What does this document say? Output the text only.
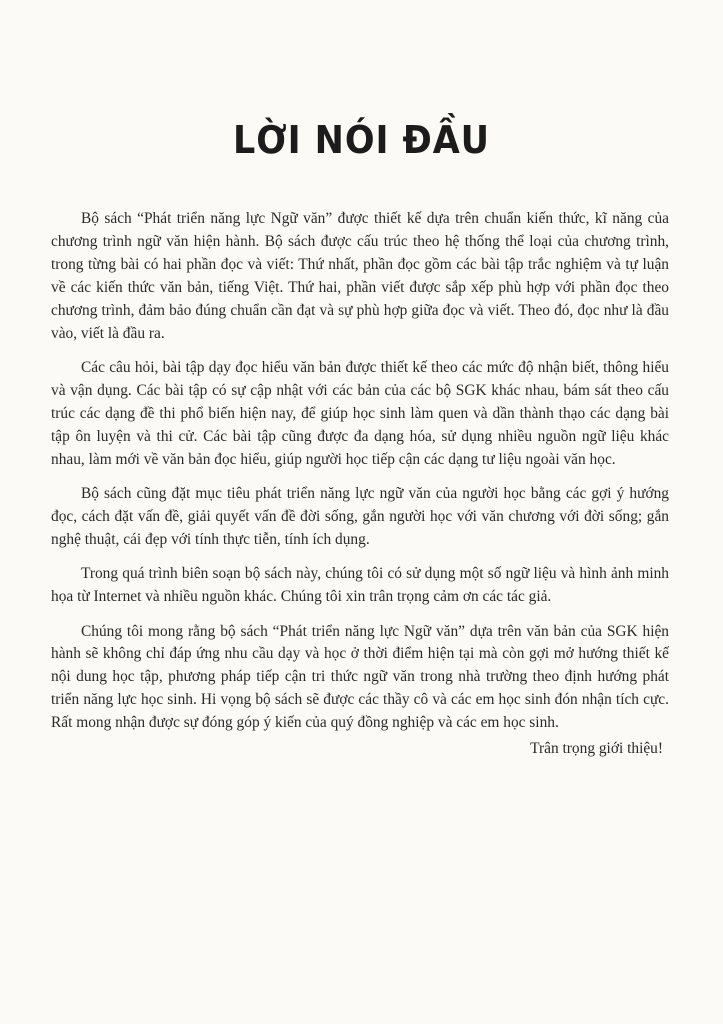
LỜI NÓI ĐẦU

Bộ sách “Phát triển năng lực Ngữ văn” được thiết kế dựa trên chuẩn kiến thức, kĩ năng của chương trình ngữ văn hiện hành. Bộ sách được cấu trúc theo hệ thống thể loại của chương trình, trong từng bài có hai phần đọc và viết: Thứ nhất, phần đọc gồm các bài tập trắc nghiệm và tự luận về các kiến thức văn bản, tiếng Việt. Thứ hai, phần viết được sắp xếp phù hợp với phần đọc theo chương trình, đảm bảo đúng chuẩn cần đạt và sự phù hợp giữa đọc và viết. Theo đó, đọc như là đầu vào, viết là đầu ra.

Các câu hỏi, bài tập dạy đọc hiểu văn bản được thiết kế theo các mức độ nhận biết, thông hiểu và vận dụng. Các bài tập có sự cập nhật với các bản của các bộ SGK khác nhau, bám sát theo cấu trúc các dạng đề thi phổ biến hiện nay, để giúp học sinh làm quen và dần thành thạo các dạng bài tập ôn luyện và thi cử. Các bài tập cũng được đa dạng hóa, sử dụng nhiều nguồn ngữ liệu khác nhau, làm mới về văn bản đọc hiểu, giúp người học tiếp cận các dạng tư liệu ngoài văn học.

Bộ sách cũng đặt mục tiêu phát triển năng lực ngữ văn của người học bằng các gợi ý hướng đọc, cách đặt vấn đề, giải quyết vấn đề đời sống, gắn người học với văn chương với đời sống; gắn nghệ thuật, cái đẹp với tính thực tiễn, tính ích dụng.

Trong quá trình biên soạn bộ sách này, chúng tôi có sử dụng một số ngữ liệu và hình ảnh minh họa từ Internet và nhiều nguồn khác. Chúng tôi xin trân trọng cảm ơn các tác giả.

Chúng tôi mong rằng bộ sách “Phát triển năng lực Ngữ văn” dựa trên văn bản của SGK hiện hành sẽ không chỉ đáp ứng nhu cầu dạy và học ở thời điểm hiện tại mà còn gợi mở hướng thiết kế nội dung học tập, phương pháp tiếp cận tri thức ngữ văn trong nhà trường theo định hướng phát triển năng lực học sinh. Hi vọng bộ sách sẽ được các thầy cô và các em học sinh đón nhận tích cực. Rất mong nhận được sự đóng góp ý kiến của quý đồng nghiệp và các em học sinh.

Trân trọng giới thiệu!
